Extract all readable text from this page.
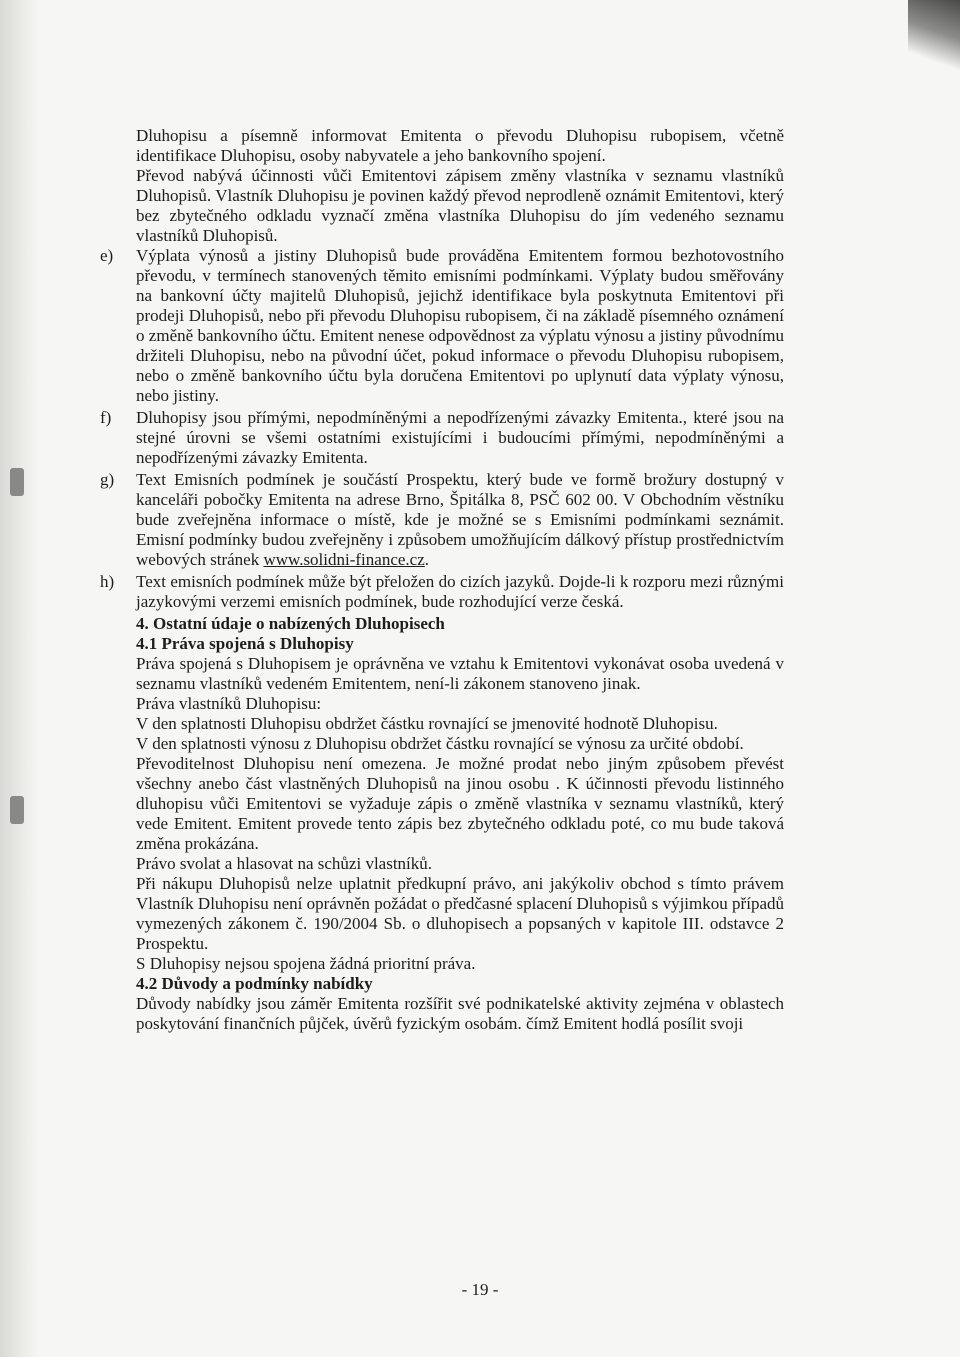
Dluhopisu a písemně informovat Emitenta o převodu Dluhopisu rubopisem, včetně identifikace Dluhopisu, osoby nabyvatele a jeho bankovního spojení.

Převod nabývá účinnosti vůči Emitentovi zápisem změny vlastníka v seznamu vlastníků Dluhopisů. Vlastník Dluhopisu je povinen každý převod neprodleně oznámit Emitentovi, který bez zbytečného odkladu vyznačí změna vlastníka Dluhopisu do jím vedeného seznamu vlastníků Dluhopisů.

e)	Výplata výnosů a jistiny Dluhopisů bude prováděna Emitentem formou bezhotovostního převodu, v termínech stanovených těmito emisními podmínkami. Výplaty budou směřovány na bankovní účty majitelů Dluhopisů, jejichž identifikace byla poskytnuta Emitentovi při prodeji Dluhopisů, nebo při převodu Dluhopisu rubopisem, či na základě písemného oznámení o změně bankovního účtu. Emitent nenese odpovědnost za výplatu výnosu a jistiny původnímu držiteli Dluhopisu, nebo na původní účet, pokud informace o převodu Dluhopisu rubopisem, nebo o změně bankovního účtu byla doručena Emitentovi po uplynutí data výplaty výnosu, nebo jistiny.

f)	Dluhopisy jsou přímými, nepodmíněnými a nepodřízenými závazky Emitenta., které jsou na stejné úrovni se všemi ostatními existujícími i budoucími přímými, nepodmíněnými a nepodřízenými závazky Emitenta.

g)	Text Emisních podmínek je součástí Prospektu, který bude ve formě brožury dostupný v kanceláři pobočky Emitenta na adrese Brno, Špitálka 8, PSČ 602 00. V Obchodním věstníku bude zveřejněna informace o místě, kde je možné se s Emisními podmínkami seznámit. Emisní podmínky budou zveřejněny i způsobem umožňujícím dálkový přístup prostřednictvím webových stránek www.solidni-finance.cz.

h)	Text emisních podmínek může být přeložen do cizích jazyků. Dojde-li k rozporu mezi různými jazykovými verzemi emisních podmínek, bude rozhodující verze česká.

4. Ostatní údaje o nabízených Dluhopisech

4.1 Práva spojená s Dluhopisy

Práva spojená s Dluhopisem je oprávněna ve vztahu k Emitentovi vykonávat osoba uvedená v seznamu vlastníků vedeném Emitentem, není-li zákonem stanoveno jinak.

Práva vlastníků Dluhopisu:

V den splatnosti Dluhopisu obdržet částku rovnající se jmenovité hodnotě Dluhopisu.

V den splatnosti výnosu z Dluhopisu obdržet částku rovnající se výnosu za určité období.

Převoditelnost Dluhopisu není omezena. Je možné prodat nebo jiným způsobem převést všechny anebo část vlastněných Dluhopisů na jinou osobu . K účinnosti převodu listinného dluhopisu vůči Emitentovi se vyžaduje zápis o změně vlastníka v seznamu vlastníků, který vede Emitent. Emitent provede tento zápis bez zbytečného odkladu poté, co mu bude taková změna prokázána.

Právo svolat a hlasovat na schůzi vlastníků.

Při nákupu Dluhopisů nelze uplatnit předkupní právo, ani jakýkoliv obchod s tímto právem Vlastník Dluhopisu není oprávněn požádat o předčasné splacení Dluhopisů s výjimkou případů vymezených zákonem č. 190/2004 Sb. o dluhopisech a popsaných v kapitole III. odstavce 2 Prospektu.

S Dluhopisy nejsou spojena žádná prioritní práva.

4.2 Důvody a podmínky nabídky

Důvody nabídky jsou záměr Emitenta rozšířit své podnikatelské aktivity zejména v oblastech poskytování finančních půjček, úvěrů fyzickým osobám. čímž Emitent hodlá posílit svoji

- 19 -
